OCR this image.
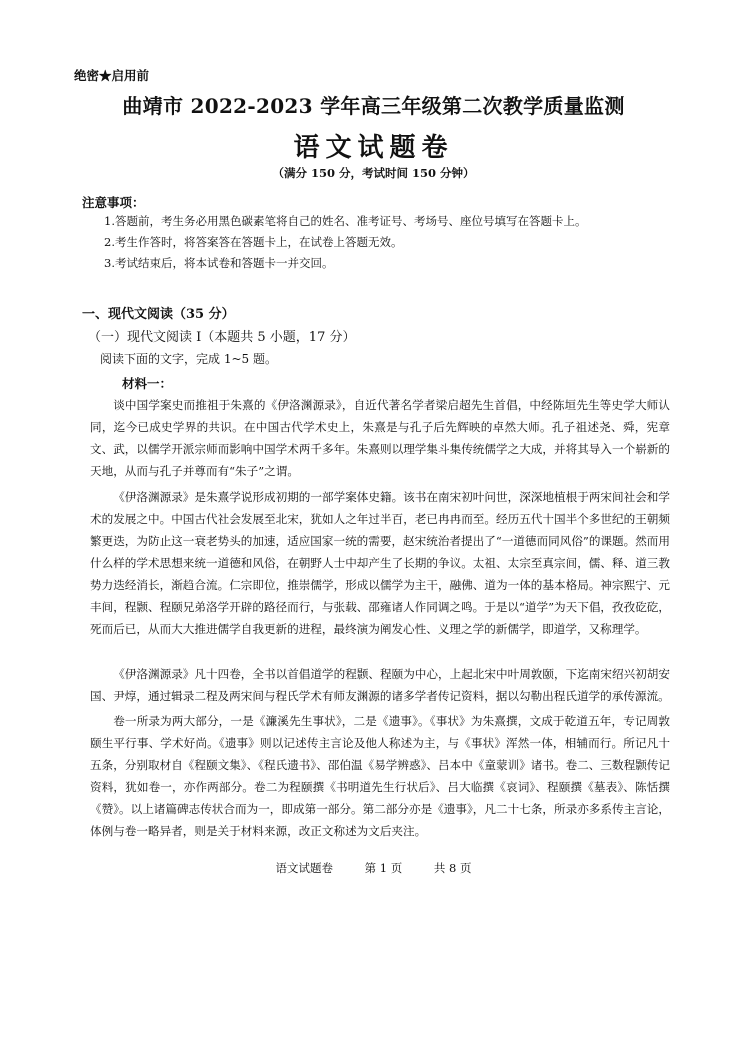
绝密★启用前
曲靖市 2022-2023 学年高三年级第二次教学质量监测
语文试题卷
（满分 150 分，考试时间 150 分钟）
注意事项：
1.答题前，考生务必用黑色碳素笔将自己的姓名、准考证号、考场号、座位号填写在答题卡上。
2.考生作答时，将答案答在答题卡上，在试卷上答题无效。
3.考试结束后，将本试卷和答题卡一并交回。
一、现代文阅读（35 分）
（一）现代文阅读 I（本题共 5 小题，17 分）
阅读下面的文字，完成 1~5 题。
材料一：

谈中国学案史而推祖于朱熹的《伊洛渊源录》，自近代著名学者梁启超先生首倡，中经陈垣先生等史学大师认同，迄今已成史学界的共识。在中国古代学术史上，朱熹是与孔子后先辉映的卓然大师。孔子祖述尧、舜，宪章文、武，以儒学开派宗师而影响中国学术两千多年。朱熹则以理学集斗集传统儒学之大成，并将其导入一个崭新的天地，从而与孔子并尊而有“朱子”之谓。

《伊洛渊源录》是朱熹学说形成初期的一部学案体史籍。该书在南宋初叶问世，深深地植根于两宋间社会和学术的发展之中。中国古代社会发展至北宋，犹如人之年过半百，老已冉冉而至。经历五代十国半个多世纪的王朝频繁更迭，为防止这一衰老势头的加速，适应国家一统的需要，赵宋统治者提出了“一道德而同风俗”的课题。然而用什么样的学术思想来统一道德和风俗，在朝野人士中却产生了长期的争议。太祖、太宗至真宗间，儒、释、道三教势力迭经消长，渐趋合流。仁宗即位，推崇儒学，形成以儒学为主干，融佛、道为一体的基本格局。神宗熙宁、元丰间，程颢、程颐兄弟洛学开辟的路径而行，与张载、邵雍诸人作同调之鸣。于是以“道学”为天下倡，孜孜矻矻，死而后已，从而大大推进儒学自我更新的进程，最终演为阐发心性、义理之学的新儒学，即道学，又称理学。

《伊洛渊源录》凡十四卷，全书以首倡道学的程颢、程颐为中心，上起北宋中叶周敦颐，下迄南宋绍兴初胡安国、尹焞，通过辑录二程及两宋间与程氏学术有师友渊源的诸多学者传记资料，据以勾勒出程氏道学的承传源流。

卷一所录为两大部分，一是《濂溪先生事状》，二是《遗事》。《事状》为朱熹撰，文成于乾道五年，专记周敦颐生平行事、学术好尚。《遗事》则以记述传主言论及他人称述为主，与《事状》浑然一体，相辅而行。所记凡十五条，分别取材自《程颐文集》、《程氏遗书》、邵伯温《易学辨惑》、吕本中《童蒙训》诸书。卷二、三数程颢传记资料，犹如卷一，亦作两部分。卷二为程颐撰《书明道先生行状后》、吕大临撰《哀词》、程颐撰《墓表》、陈恬撰《赞》。以上诸篇碑志传状合而为一，即成第一部分。第二部分亦是《遗事》，凡二十七条，所录亦多系传主言论，体例与卷一略异者，则是关于材料来源，改正文称述为文后夹注。

语文试题卷	第 1 页	共 8 页
